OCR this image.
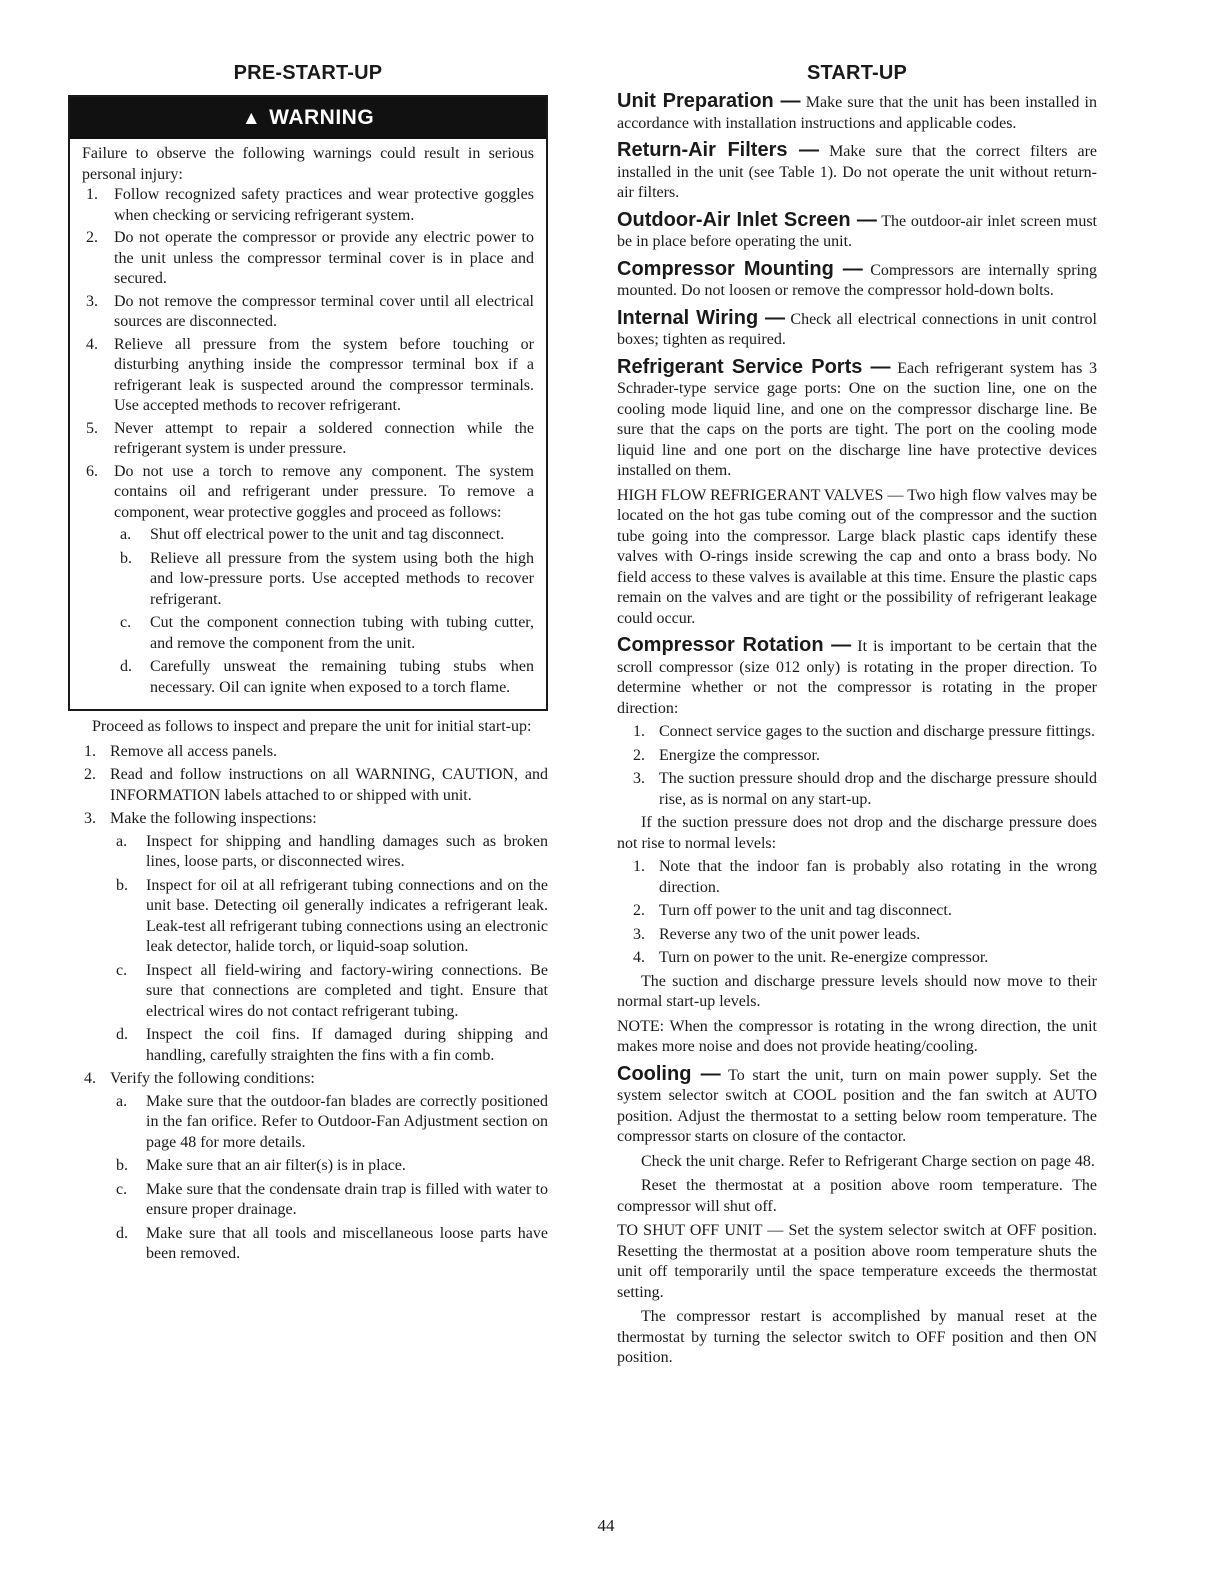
PRE-START-UP
▲ WARNING

Failure to observe the following warnings could result in serious personal injury:

1. Follow recognized safety practices and wear protective goggles when checking or servicing refrigerant system.
2. Do not operate the compressor or provide any electric power to the unit unless the compressor terminal cover is in place and secured.
3. Do not remove the compressor terminal cover until all electrical sources are disconnected.
4. Relieve all pressure from the system before touching or disturbing anything inside the compressor terminal box if a refrigerant leak is suspected around the compressor terminals. Use accepted methods to recover refrigerant.
5. Never attempt to repair a soldered connection while the refrigerant system is under pressure.
6. Do not use a torch to remove any component. The system contains oil and refrigerant under pressure. To remove a component, wear protective goggles and proceed as follows:
a. Shut off electrical power to the unit and tag disconnect.
b. Relieve all pressure from the system using both the high and low-pressure ports. Use accepted methods to recover refrigerant.
c. Cut the component connection tubing with tubing cutter, and remove the component from the unit.
d. Carefully unsweat the remaining tubing stubs when necessary. Oil can ignite when exposed to a torch flame.

Proceed as follows to inspect and prepare the unit for initial start-up:

1. Remove all access panels.
2. Read and follow instructions on all WARNING, CAUTION, and INFORMATION labels attached to or shipped with unit.
3. Make the following inspections:
a. Inspect for shipping and handling damages such as broken lines, loose parts, or disconnected wires.
b. Inspect for oil at all refrigerant tubing connections and on the unit base. Detecting oil generally indicates a refrigerant leak. Leak-test all refrigerant tubing connections using an electronic leak detector, halide torch, or liquid-soap solution.
c. Inspect all field-wiring and factory-wiring connections. Be sure that connections are completed and tight. Ensure that electrical wires do not contact refrigerant tubing.
d. Inspect the coil fins. If damaged during shipping and handling, carefully straighten the fins with a fin comb.
4. Verify the following conditions:
a. Make sure that the outdoor-fan blades are correctly positioned in the fan orifice. Refer to Outdoor-Fan Adjustment section on page 48 for more details.
b. Make sure that an air filter(s) is in place.
c. Make sure that the condensate drain trap is filled with water to ensure proper drainage.
d. Make sure that all tools and miscellaneous loose parts have been removed.
START-UP

Unit Preparation — Make sure that the unit has been installed in accordance with installation instructions and applicable codes.

Return-Air Filters — Make sure that the correct filters are installed in the unit (see Table 1). Do not operate the unit without return-air filters.

Outdoor-Air Inlet Screen — The outdoor-air inlet screen must be in place before operating the unit.

Compressor Mounting — Compressors are internally spring mounted. Do not loosen or remove the compressor hold-down bolts.

Internal Wiring — Check all electrical connections in unit control boxes; tighten as required.

Refrigerant Service Ports — Each refrigerant system has 3 Schrader-type service gage ports: One on the suction line, one on the cooling mode liquid line, and one on the compressor discharge line. Be sure that the caps on the ports are tight. The port on the cooling mode liquid line and one port on the discharge line have protective devices installed on them.

HIGH FLOW REFRIGERANT VALVES — Two high flow valves may be located on the hot gas tube coming out of the compressor and the suction tube going into the compressor. Large black plastic caps identify these valves with O-rings inside screwing the cap and onto a brass body. No field access to these valves is available at this time. Ensure the plastic caps remain on the valves and are tight or the possibility of refrigerant leakage could occur.

Compressor Rotation — It is important to be certain that the scroll compressor (size 012 only) is rotating in the proper direction. To determine whether or not the compressor is rotating in the proper direction:

1. Connect service gages to the suction and discharge pressure fittings.
2. Energize the compressor.
3. The suction pressure should drop and the discharge pressure should rise, as is normal on any start-up.

If the suction pressure does not drop and the discharge pressure does not rise to normal levels:

1. Note that the indoor fan is probably also rotating in the wrong direction.
2. Turn off power to the unit and tag disconnect.
3. Reverse any two of the unit power leads.
4. Turn on power to the unit. Re-energize compressor.

The suction and discharge pressure levels should now move to their normal start-up levels.

NOTE: When the compressor is rotating in the wrong direction, the unit makes more noise and does not provide heating/cooling.

Cooling — To start the unit, turn on main power supply. Set the system selector switch at COOL position and the fan switch at AUTO position. Adjust the thermostat to a setting below room temperature. The compressor starts on closure of the contactor.

Check the unit charge. Refer to Refrigerant Charge section on page 48.

Reset the thermostat at a position above room temperature. The compressor will shut off.

TO SHUT OFF UNIT — Set the system selector switch at OFF position. Resetting the thermostat at a position above room temperature shuts the unit off temporarily until the space temperature exceeds the thermostat setting.

The compressor restart is accomplished by manual reset at the thermostat by turning the selector switch to OFF position and then ON position.

44
